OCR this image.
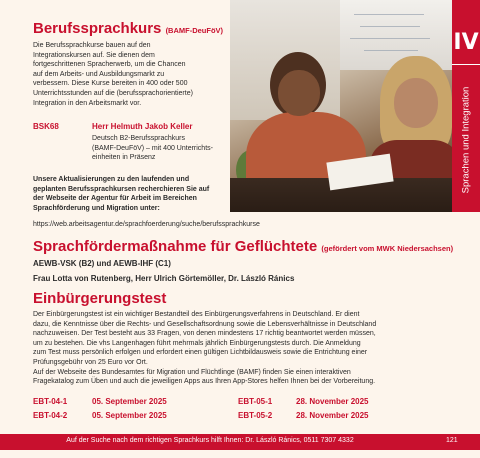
IV
Sprachen und Integration
Berufssprachkurs (BAMF-DeuFöV)
Die Berufssprachkurse bauen auf den
Integrationskursen auf. Sie dienen dem
fortgeschrittenen Spracherwerb, um die Chancen
auf dem Arbeits- und Ausbildungsmarkt zu
verbessern. Diese Kurse bereiten in 400 oder 500
Unterrichtsstunden auf die (berufssprachorientierte)
Integration in den Arbeitsmarkt vor.
BSK68	Herr Helmuth Jakob Keller
Deutsch B2-Berufssprachkurs
(BAMF-DeuFöV) – mit 400 Unterrichts-
einheiten in Präsenz
Unsere Aktualisierungen zu den laufenden und
geplanten Berufssprachkursen recherchieren Sie auf
der Webseite der Agentur für Arbeit im Bereichen
Sprachförderung und Migration unter:
https://web.arbeitsagentur.de/sprachfoerderung/suche/berufssprachkurse
Sprachfördermaßnahme für Geflüchtete (gefördert vom MWK Niedersachsen)
AEWB-VSK (B2) und AEWB-IHF (C1)
Frau Lotta von Rutenberg, Herr Ulrich Görtemöller, Dr. László Ránics
Einbürgerungstest
Der Einbürgerungstest ist ein wichtiger Bestandteil des Einbürgerungsverfahrens in Deutschland. Er dient
dazu, die Kenntnisse über die Rechts- und Gesellschaftsordnung sowie die Lebensverhältnisse in Deutschland
nachzuweisen. Der Test besteht aus 33 Fragen, von denen mindestens 17 richtig beantwortet werden müssen,
um zu bestehen. Die vhs Langenhagen führt mehrmals jährlich Einbürgerungstests durch. Die Anmeldung
zum Test muss persönlich erfolgen und erfordert einen gültigen Lichtbildausweis sowie die Entrichtung einer
Prüfungsgebühr von 25 Euro vor Ort.
Auf der Webseite des Bundesamtes für Migration und Flüchtlinge (BAMF) finden Sie einen interaktiven
Fragekatalog zum Üben und auch die jeweiligen Apps aus Ihren App-Stores helfen Ihnen bei der Vorbereitung.
EBT-04-1	05. September 2025
EBT-04-2	05. September 2025
EBT-05-1	28. November 2025
EBT-05-2	28. November 2025
Auf der Suche nach dem richtigen Sprachkurs hilft Ihnen: Dr. László Ránics, 0511 7307 4332	121
